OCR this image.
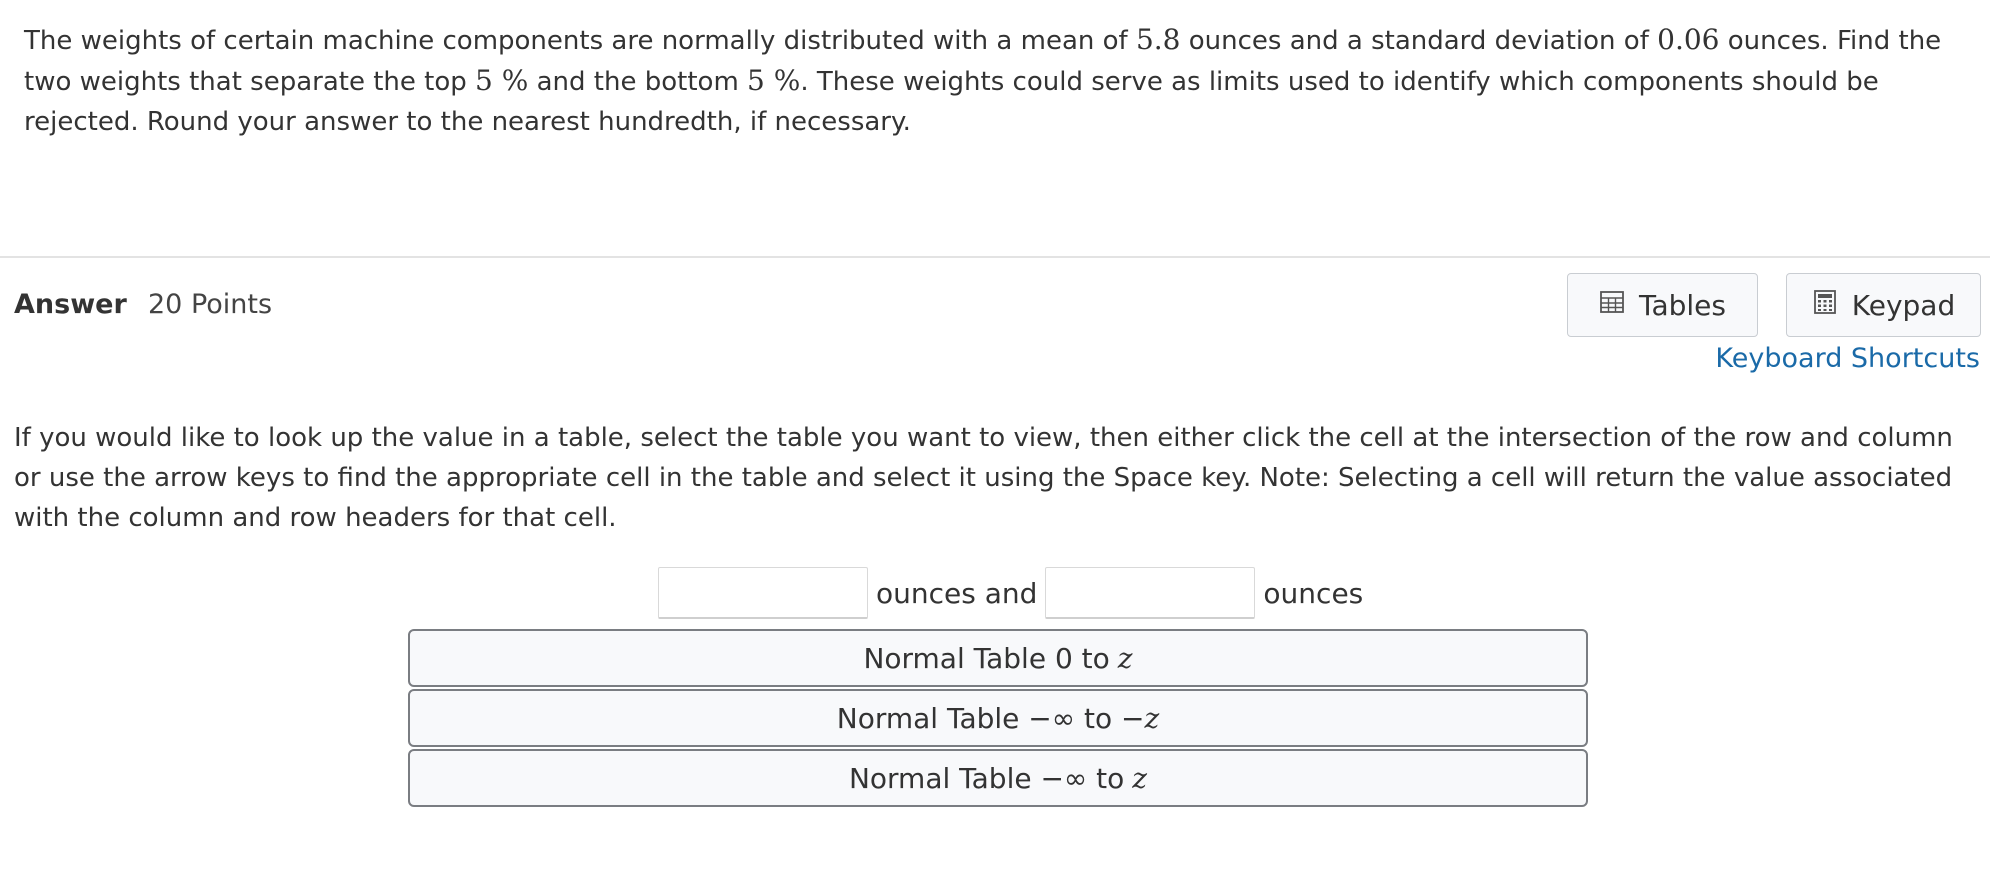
The weights of certain machine components are normally distributed with a mean of 5.8 ounces and a standard deviation of 0.06 ounces. Find the two weights that separate the top 5 % and the bottom 5 %. These weights could serve as limits used to identify which components should be rejected. Round your answer to the nearest hundredth, if necessary.
Answer 20 Points	Tables	Keypad
Keyboard Shortcuts
If you would like to look up the value in a table, select the table you want to view, then either click the cell at the intersection of the row and column or use the arrow keys to find the appropriate cell in the table and select it using the Space key. Note: Selecting a cell will return the value associated with the column and row headers for that cell.
ounces and	ounces
Normal Table 0 to z
Normal Table −∞ to − z
Normal Table −∞ to z
